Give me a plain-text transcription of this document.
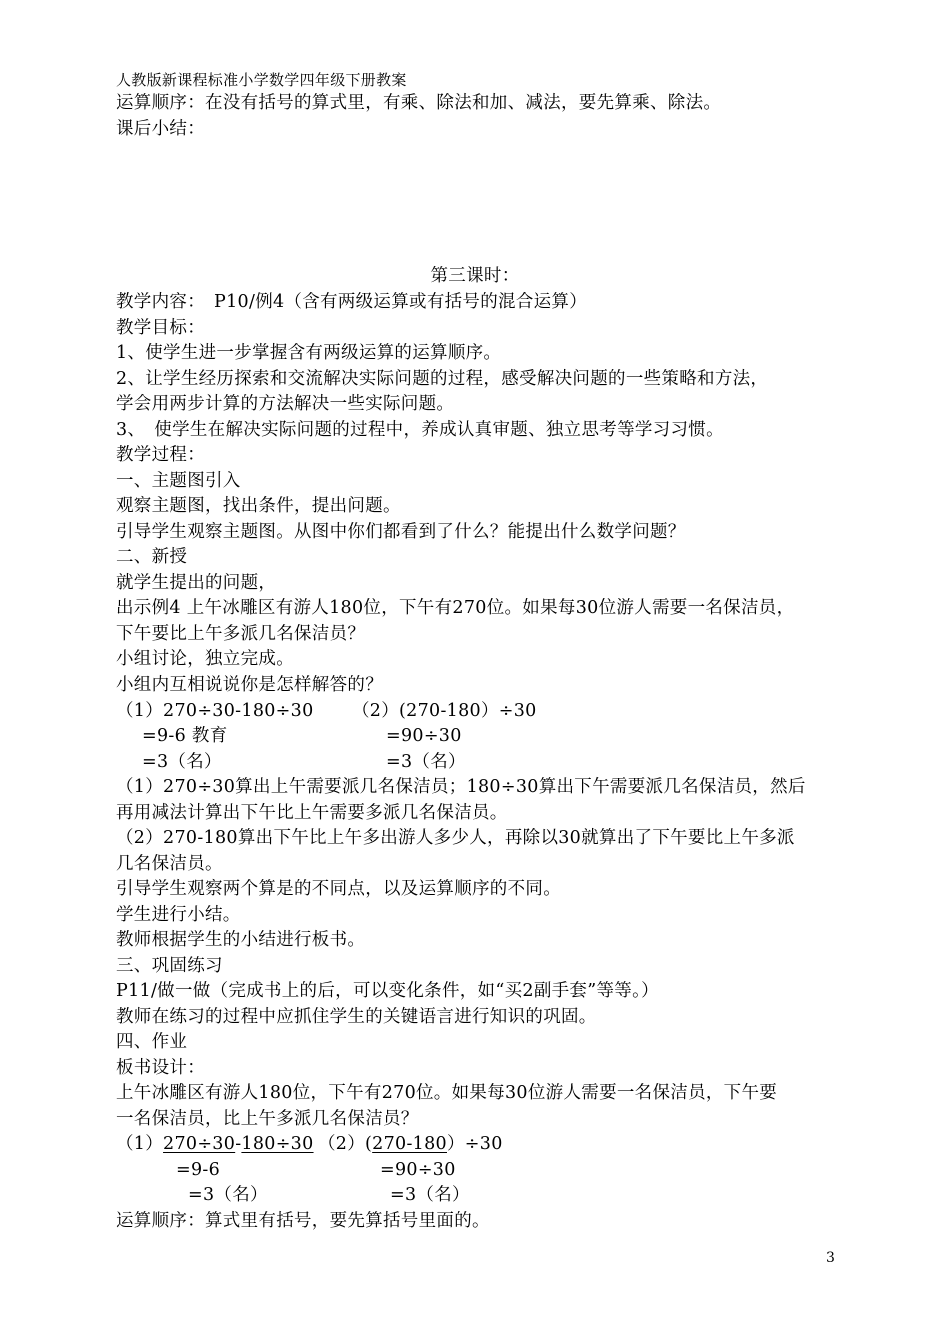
人教版新课程标准小学数学四年级下册教案
运算顺序：在没有括号的算式里，有乘、除法和加、减法，要先算乘、除法。
课后小结：
第三课时：
教学内容：　P10/例4（含有两级运算或有括号的混合运算）
教学目标：
1、使学生进一步掌握含有两级运算的运算顺序。
2、让学生经历探索和交流解决实际问题的过程，感受解决问题的一些策略和方法，
学会用两步计算的方法解决一些实际问题。
3、　使学生在解决实际问题的过程中，养成认真审题、独立思考等学习习惯。
教学过程：
一、主题图引入
观察主题图，找出条件，提出问题。
引导学生观察主题图。从图中你们都看到了什么？能提出什么数学问题？
二、新授
就学生提出的问题，
出示例4 上午冰雕区有游人180位，下午有270位。如果每30位游人需要一名保洁员，
下午要比上午多派几名保洁员？
小组讨论，独立完成。
小组内互相说说你是怎样解答的？
（1）270÷30-180÷30 （2）(270-180）÷30
=9-6 教育	=90÷30
=3（名）	=3（名）
（1）270÷30算出上午需要派几名保洁员；180÷30算出下午需要派几名保洁员，然后
再用减法计算出下午比上午需要多派几名保洁员。
（2）270-180算出下午比上午多出游人多少人，再除以30就算出了下午要比上午多派
几名保洁员。
引导学生观察两个算是的不同点，以及运算顺序的不同。
学生进行小结。
教师根据学生的小结进行板书。
三、巩固练习
P11/做一做（完成书上的后，可以变化条件，如“买2副手套”等等。）
教师在练习的过程中应抓住学生的关键语言进行知识的巩固。
四、作业
板书设计：
上午冰雕区有游人180位，下午有270位。如果每30位游人需要一名保洁员，下午要
一名保洁员，比上午多派几名保洁员？
（1）270÷30-180÷30 （2）(270-180）÷30
=9-6	=90÷30
=3（名）	=3（名）
运算顺序：算式里有括号，要先算括号里面的。
3
